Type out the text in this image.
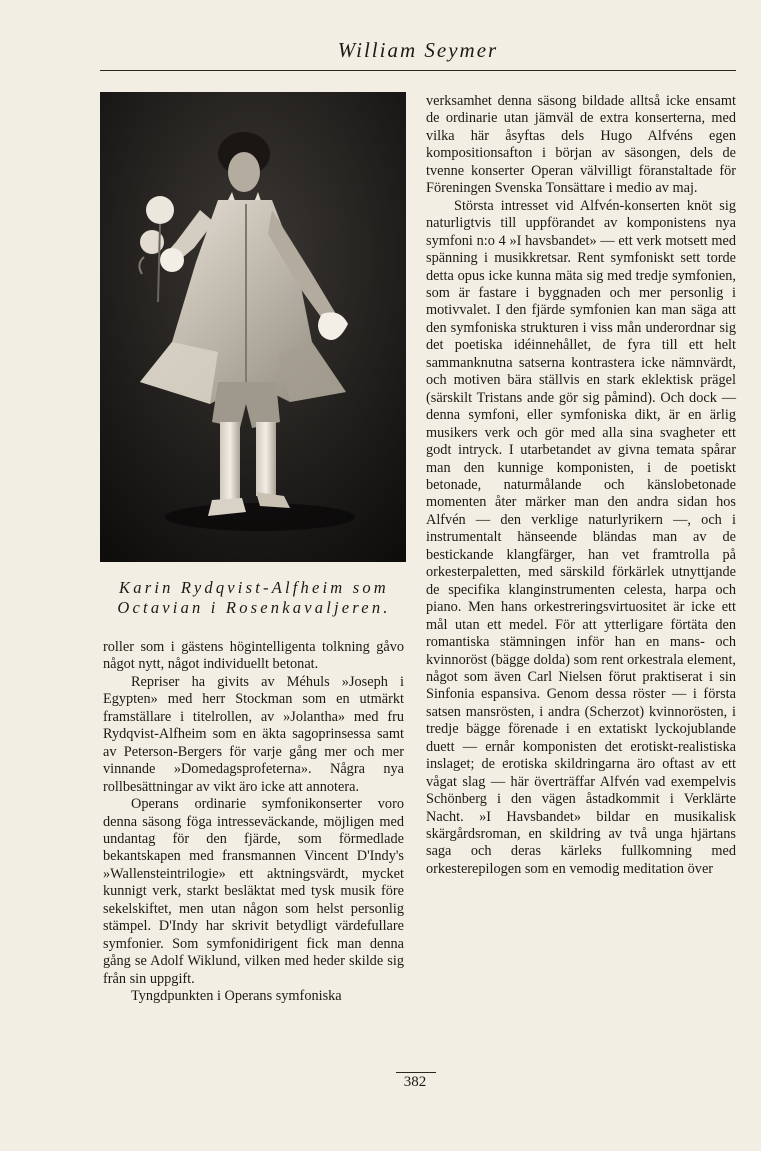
William Seymer
Karin Rydqvist-Alfheim som
Octavian i Rosenkavaljeren.

roller som i gästens högintelligenta tolkning gåvo något nytt, något individuellt betonat.

Repriser ha givits av Méhuls »Joseph i Egypten» med herr Stockman som en utmärkt framställare i titelrollen, av »Jolantha» med fru Rydqvist-Alfheim som en äkta sagoprinsessa samt av Peterson-Bergers för varje gång mer och mer vinnande »Domedagsprofeterna». Några nya rollbesättningar av vikt äro icke att annotera.

Operans ordinarie symfonikonserter voro denna säsong föga intresseväckande, möjligen med undantag för den fjärde, som förmedlade bekantskapen med fransmannen Vincent D'Indy's »Wallensteintrilogie» ett aktningsvärdt, mycket kunnigt verk, starkt besläktat med tysk musik före sekelskiftet, men utan någon som helst personlig stämpel. D'Indy har skrivit betydligt värdefullare symfonier. Som symfonidirigent fick man denna gång se Adolf Wiklund, vilken med heder skilde sig från sin uppgift.

Tyngdpunkten i Operans symfoniska

verksamhet denna säsong bildade alltså icke ensamt de ordinarie utan jämväl de extra konserterna, med vilka här åsyftas dels Hugo Alfvéns egen kompositionsafton i början av säsongen, dels de tvenne konserter Operan välvilligt föranstaltade för Föreningen Svenska Tonsättare i medio av maj.

Största intresset vid Alfvén-konserten knöt sig naturligtvis till uppförandet av komponistens nya symfoni n:o 4 »I havsbandet» — ett verk motsett med spänning i musikkretsar. Rent symfoniskt sett torde detta opus icke kunna mäta sig med tredje symfonien, som är fastare i byggnaden och mer personlig i motivvalet. I den fjärde symfonien kan man säga att den symfoniska strukturen i viss mån underordnar sig det poetiska idéinnehållet, de fyra till ett helt sammanknutna satserna kontrastera icke nämnvärdt, och motiven bära ställvis en stark eklektisk prägel (särskilt Tristans ande gör sig påmind). Och dock — denna symfoni, eller symfoniska dikt, är en ärlig musikers verk och gör med alla sina svagheter ett godt intryck. I utarbetandet av givna temata spårar man den kunnige komponisten, i de poetiskt betonade, naturmålande och känslobetonade momenten åter märker man den andra sidan hos Alfvén — den verklige naturlyrikern —, och i instrumentalt hänseende bländas man av de bestickande klangfärger, han vet framtrolla på orkesterpaletten, med särskild förkärlek utnyttjande de specifika klanginstrumenten celesta, harpa och piano. Men hans orkestreringsvirtuositet är icke ett mål utan ett medel. För att ytterligare förtäta den romantiska stämningen inför han en mans- och kvinnoröst (bägge dolda) som rent orkestrala element, något som även Carl Nielsen förut praktiserat i sin Sinfonia espansiva. Genom dessa röster — i första satsen mansrösten, i andra (Scherzot) kvinnorösten, i tredje bägge förenade i en extatiskt lyckojublande duett — ernår komponisten det erotiskt-realistiska inslaget; de erotiska skildringarna äro oftast av ett vågat slag — här överträffar Alfvén vad exempelvis Schönberg i den vägen åstadkommit i Verklärte Nacht. »I Havsbandet» bildar en musikalisk skärgårdsroman, en skildring av två unga hjärtans saga och deras kärleks fullkomning med orkesterepilogen som en vemodig meditation över

382
